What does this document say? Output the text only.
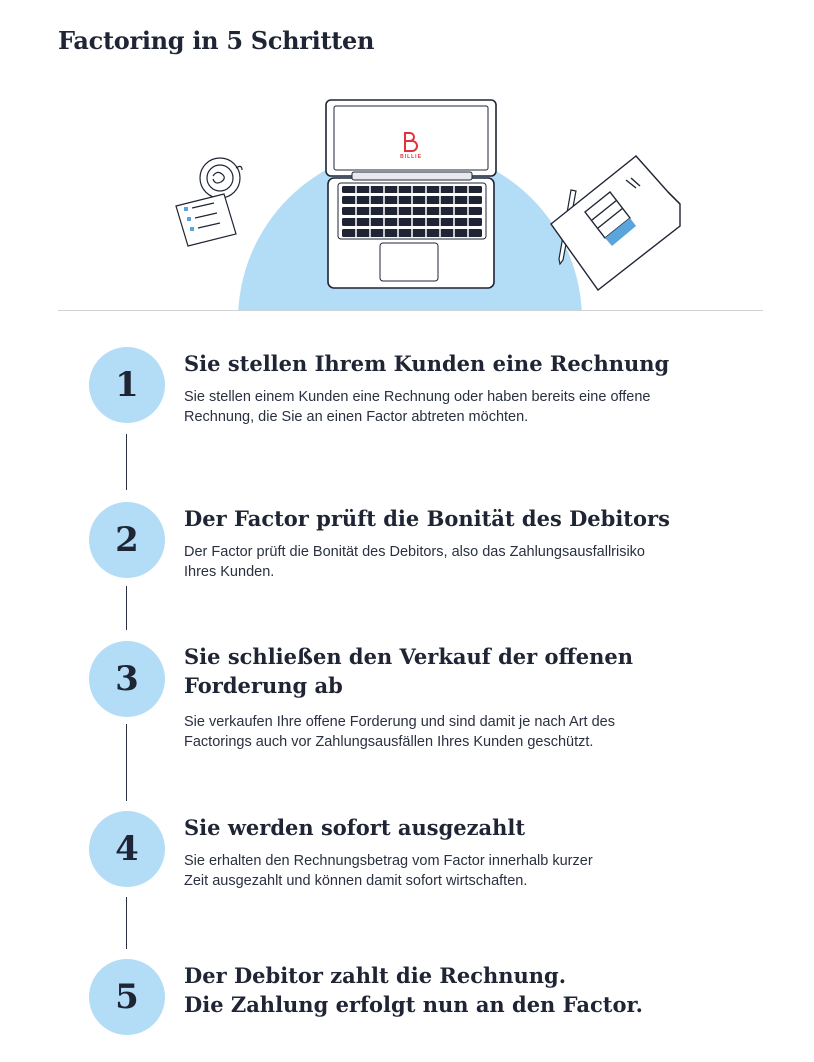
Factoring in 5 Schritten
BILLIE
1
Sie stellen Ihrem Kunden eine Rechnung

Sie stellen einem Kunden eine Rechnung oder haben bereits eine offene
Rechnung, die Sie an einen Factor abtreten möchten.

2
Der Factor prüft die Bonität des Debitors

Der Factor prüft die Bonität des Debitors, also das Zahlungsausfallrisiko
Ihres Kunden.

3
Sie schließen den Verkauf der offenen
Forderung ab

Sie verkaufen Ihre offene Forderung und sind damit je nach Art des
Factorings auch vor Zahlungsausfällen Ihres Kunden geschützt.

4
Sie werden sofort ausgezahlt

Sie erhalten den Rechnungsbetrag vom Factor innerhalb kurzer
Zeit ausgezahlt und können damit sofort wirtschaften.

5
Der Debitor zahlt die Rechnung.
Die Zahlung erfolgt nun an den Factor.
